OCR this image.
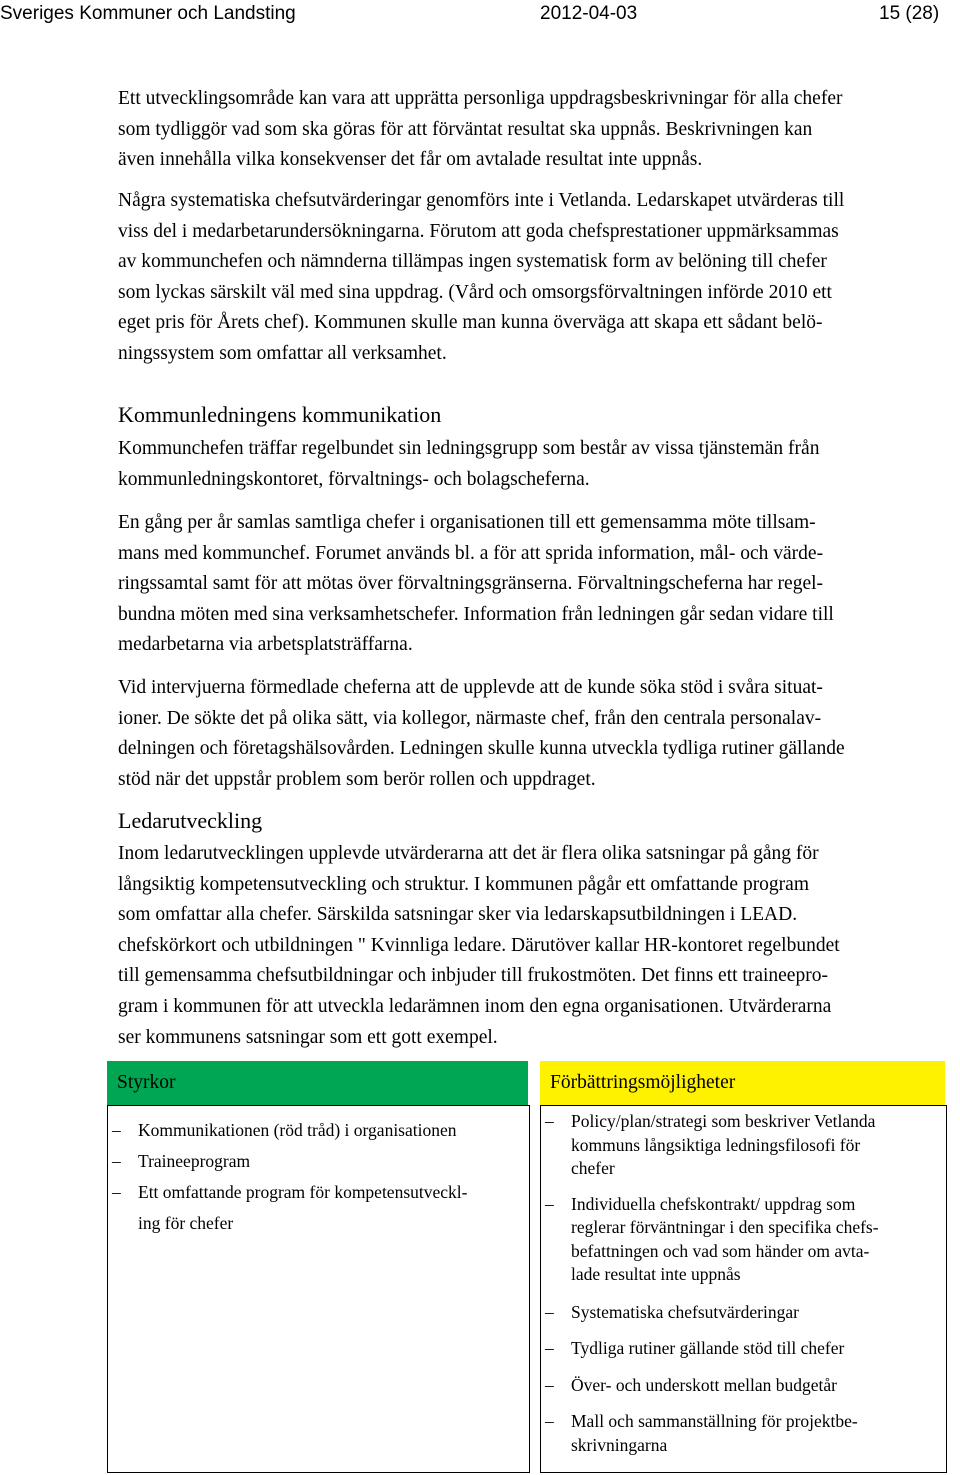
Sveriges Kommuner och Landsting	2012-04-03	15 (28)
Ett utvecklingsområde kan vara att upprätta personliga uppdragsbeskrivningar för alla chefer
som tydliggör vad som ska göras för att förväntat resultat ska uppnås. Beskrivningen kan
även innehålla vilka konsekvenser det får om avtalade resultat inte uppnås.
Några systematiska chefsutvärderingar genomförs inte i Vetlanda. Ledarskapet utvärderas till
viss del i medarbetarundersökningarna. Förutom att goda chefsprestationer uppmärksammas
av kommunchefen och nämnderna tillämpas ingen systematisk form av belöning till chefer
som lyckas särskilt väl med sina uppdrag. (Vård och omsorgsförvaltningen införde 2010 ett
eget pris för Årets chef). Kommunen skulle man kunna överväga att skapa ett sådant belö-
ningssystem som omfattar all verksamhet.
Kommunledningens kommunikation
Kommunchefen träffar regelbundet sin ledningsgrupp som består av vissa tjänstemän från
kommunledningskontoret, förvaltnings- och bolagscheferna.
En gång per år samlas samtliga chefer i organisationen till ett gemensamma möte tillsam-
mans med kommunchef. Forumet används bl. a för att sprida information, mål- och värde-
ringssamtal samt för att mötas över förvaltningsgränserna. Förvaltningscheferna har regel-
bundna möten med sina verksamhetschefer. Information från ledningen går sedan vidare till
medarbetarna via arbetsplatsträffarna.
Vid intervjuerna förmedlade cheferna att de upplevde att de kunde söka stöd i svåra situat-
ioner. De sökte det på olika sätt, via kollegor, närmaste chef, från den centrala personalav-
delningen och företagshälsovården. Ledningen skulle kunna utveckla tydliga rutiner gällande
stöd när det uppstår problem som berör rollen och uppdraget.
Ledarutveckling
Inom ledarutvecklingen upplevde utvärderarna att det är flera olika satsningar på gång för
långsiktig kompetensutveckling och struktur. I kommunen pågår ett omfattande program
som omfattar alla chefer. Särskilda satsningar sker via ledarskapsutbildningen i LEAD.
chefskörkort och utbildningen " Kvinnliga ledare. Därutöver kallar HR-kontoret regelbundet
till gemensamma chefsutbildningar och inbjuder till frukostmöten. Det finns ett traineepro-
gram i kommunen för att utveckla ledarämnen inom den egna organisationen. Utvärderarna
ser kommunens satsningar som ett gott exempel.
Styrkor	Förbättringsmöjligheter
– Kommunikationen (röd tråd) i organisationen
– Traineeprogram
– Ett omfattande program för kompetensutveckl-
ing för chefer
– Policy/plan/strategi som beskriver Vetlanda
kommuns långsiktiga ledningsfilosofi för
chefer
– Individuella chefskontrakt/ uppdrag som
reglerar förväntningar i den specifika chefs-
befattningen och vad som händer om avta-
lade resultat inte uppnås
– Systematiska chefsutvärderingar
– Tydliga rutiner gällande stöd till chefer
– Över- och underskott mellan budgetår
– Mall och sammanställning för projektbe-
skrivningarna
